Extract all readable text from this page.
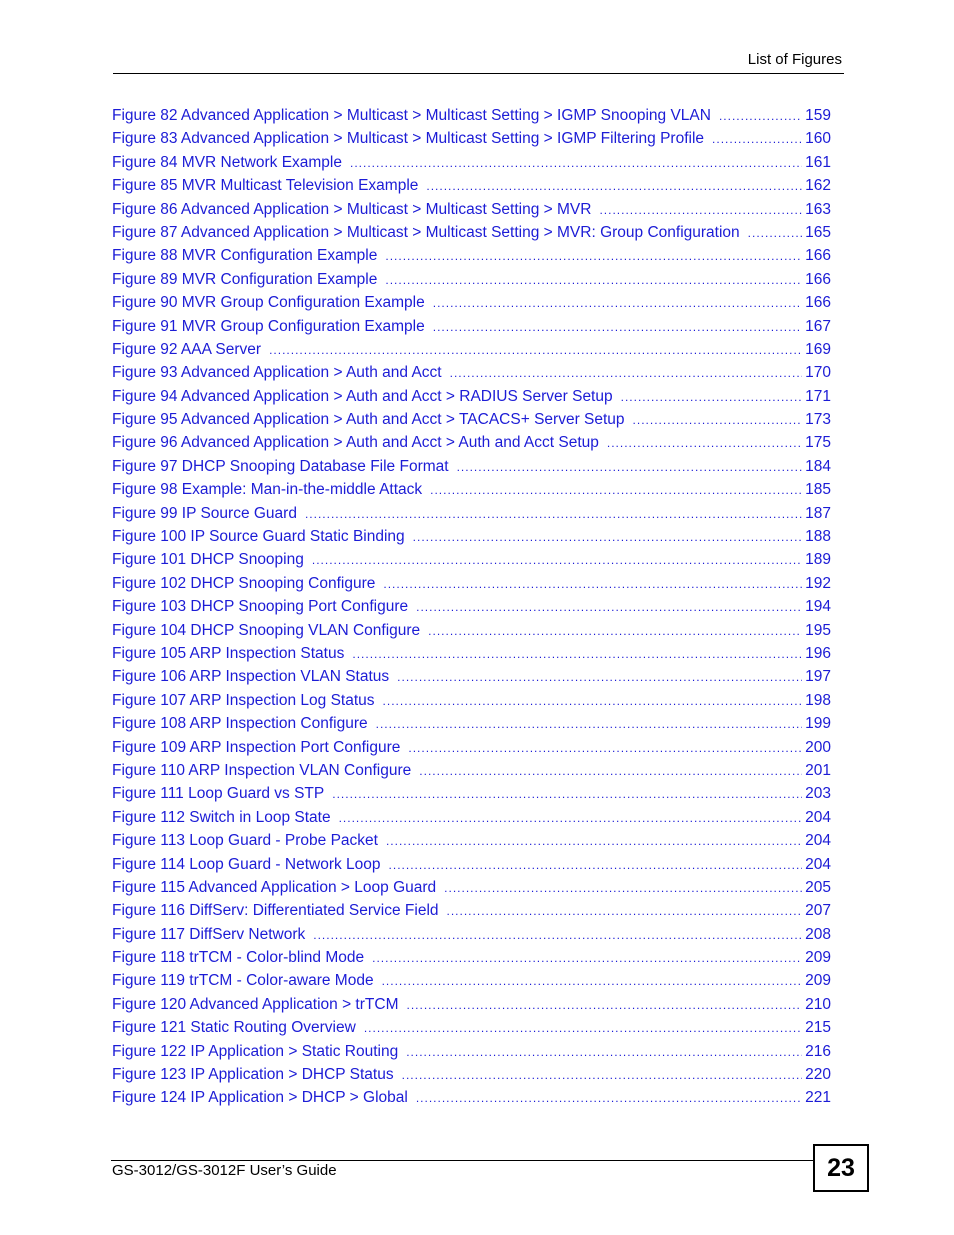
List of Figures
Figure 82 Advanced Application > Multicast > Multicast Setting > IGMP Snooping VLAN .....	159
Figure 83 Advanced Application > Multicast > Multicast Setting > IGMP Filtering Profile .....	160
Figure 84 MVR Network Example .....	161
Figure 85 MVR Multicast Television Example .....	162
Figure 86 Advanced Application > Multicast > Multicast Setting > MVR .....	163
Figure 87 Advanced Application > Multicast > Multicast Setting > MVR: Group Configuration .....	165
Figure 88 MVR Configuration Example .....	166
Figure 89 MVR Configuration Example .....	166
Figure 90 MVR Group Configuration Example .....	166
Figure 91 MVR Group Configuration Example .....	167
Figure 92 AAA Server .....	169
Figure 93 Advanced Application > Auth and Acct .....	170
Figure 94 Advanced Application > Auth and Acct > RADIUS Server Setup .....	171
Figure 95 Advanced Application > Auth and Acct > TACACS+ Server Setup .....	173
Figure 96 Advanced Application > Auth and Acct > Auth and Acct Setup .....	175
Figure 97 DHCP Snooping Database File Format .....	184
Figure 98 Example: Man-in-the-middle Attack .....	185
Figure 99 IP Source Guard .....	187
Figure 100 IP Source Guard Static Binding .....	188
Figure 101 DHCP Snooping .....	189
Figure 102 DHCP Snooping Configure .....	192
Figure 103 DHCP Snooping Port Configure .....	194
Figure 104 DHCP Snooping VLAN Configure .....	195
Figure 105 ARP Inspection Status .....	196
Figure 106 ARP Inspection VLAN Status .....	197
Figure 107 ARP Inspection Log Status .....	198
Figure 108 ARP Inspection Configure .....	199
Figure 109 ARP Inspection Port Configure .....	200
Figure 110 ARP Inspection VLAN Configure .....	201
Figure 111 Loop Guard vs STP .....	203
Figure 112 Switch in Loop State .....	204
Figure 113 Loop Guard - Probe Packet .....	204
Figure 114 Loop Guard - Network Loop .....	204
Figure 115 Advanced Application > Loop Guard .....	205
Figure 116 DiffServ: Differentiated Service Field .....	207
Figure 117 DiffServ Network .....	208
Figure 118 trTCM - Color-blind Mode .....	209
Figure 119 trTCM - Color-aware Mode .....	209
Figure 120 Advanced Application > trTCM .....	210
Figure 121 Static Routing Overview .....	215
Figure 122 IP Application > Static Routing .....	216
Figure 123 IP Application > DHCP Status .....	220
Figure 124 IP Application > DHCP > Global .....	221
GS-3012/GS-3012F User’s Guide	23
